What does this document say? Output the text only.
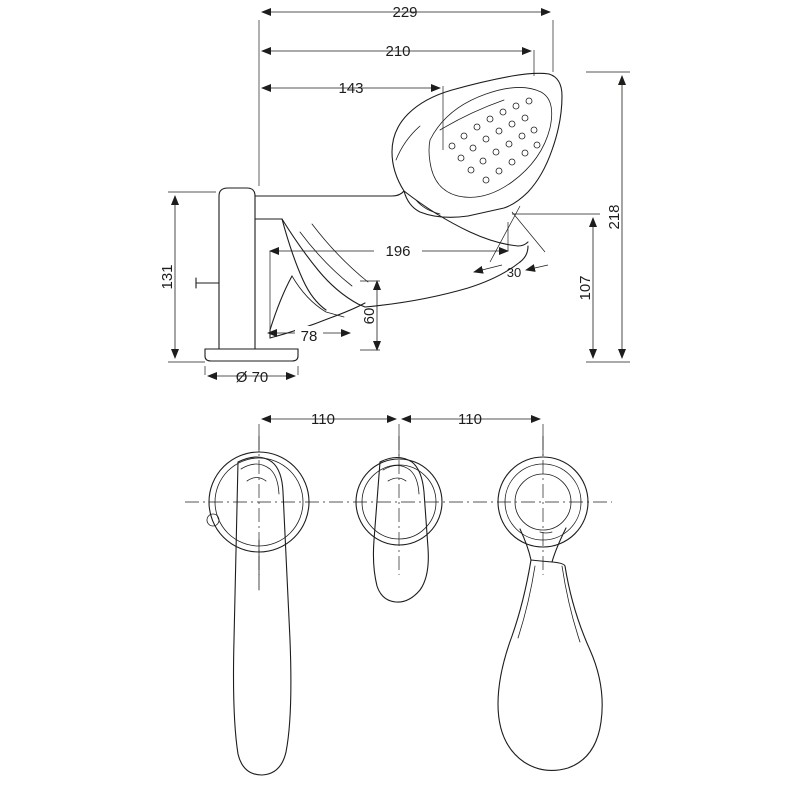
229
210
143
131
218
107
196
78
60
30
Ø 70
110	110
